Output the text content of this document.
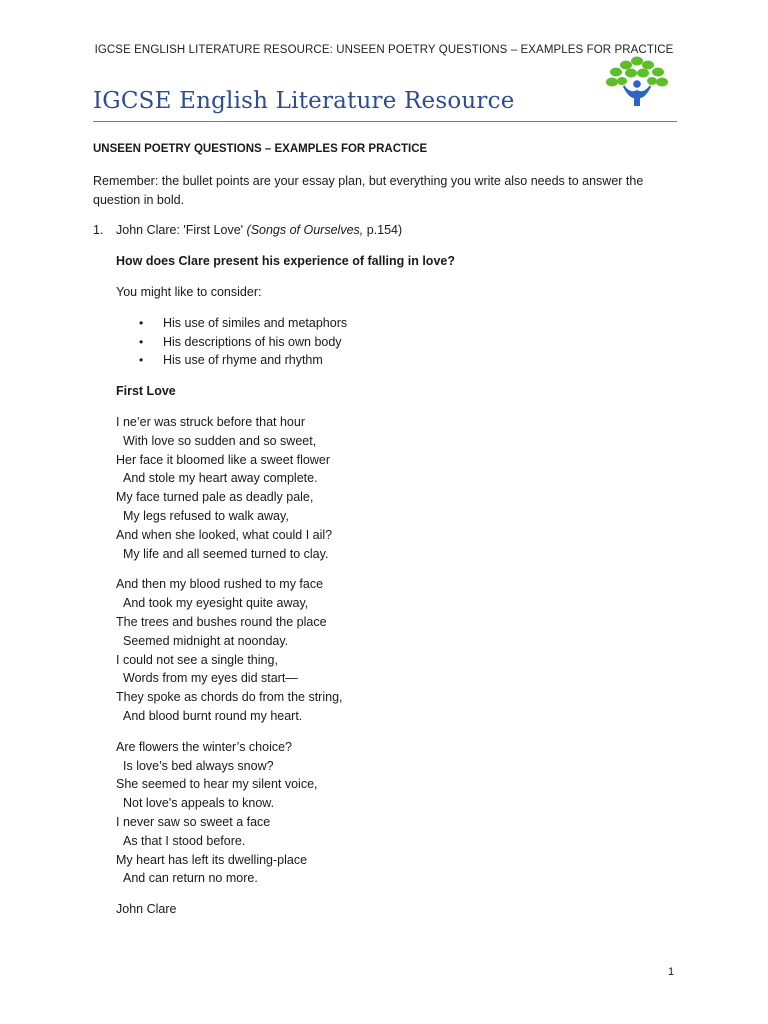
IGCSE ENGLISH LITERATURE RESOURCE: UNSEEN POETRY QUESTIONS – EXAMPLES FOR PRACTICE
IGCSE English Literature Resource

UNSEEN POETRY QUESTIONS – EXAMPLES FOR PRACTICE

Remember: the bullet points are your essay plan, but everything you write also needs to answer the question in bold.
1.	John Clare: 'First Love' (Songs of Ourselves, p.154)
How does Clare present his experience of falling in love?
You might like to consider:
•	His use of similes and metaphors
•	His descriptions of his own body
•	His use of rhyme and rhythm
First Love
I ne’er was struck before that hour
With love so sudden and so sweet,
Her face it bloomed like a sweet flower
And stole my heart away complete.
My face turned pale as deadly pale,
My legs refused to walk away,
And when she looked, what could I ail?
My life and all seemed turned to clay.
And then my blood rushed to my face
And took my eyesight quite away,
The trees and bushes round the place
Seemed midnight at noonday.
I could not see a single thing,
Words from my eyes did start—
They spoke as chords do from the string,
And blood burnt round my heart.
Are flowers the winter’s choice?
Is love’s bed always snow?
She seemed to hear my silent voice,
Not love's appeals to know.
I never saw so sweet a face
As that I stood before.
My heart has left its dwelling-place
And can return no more.
John Clare
1
